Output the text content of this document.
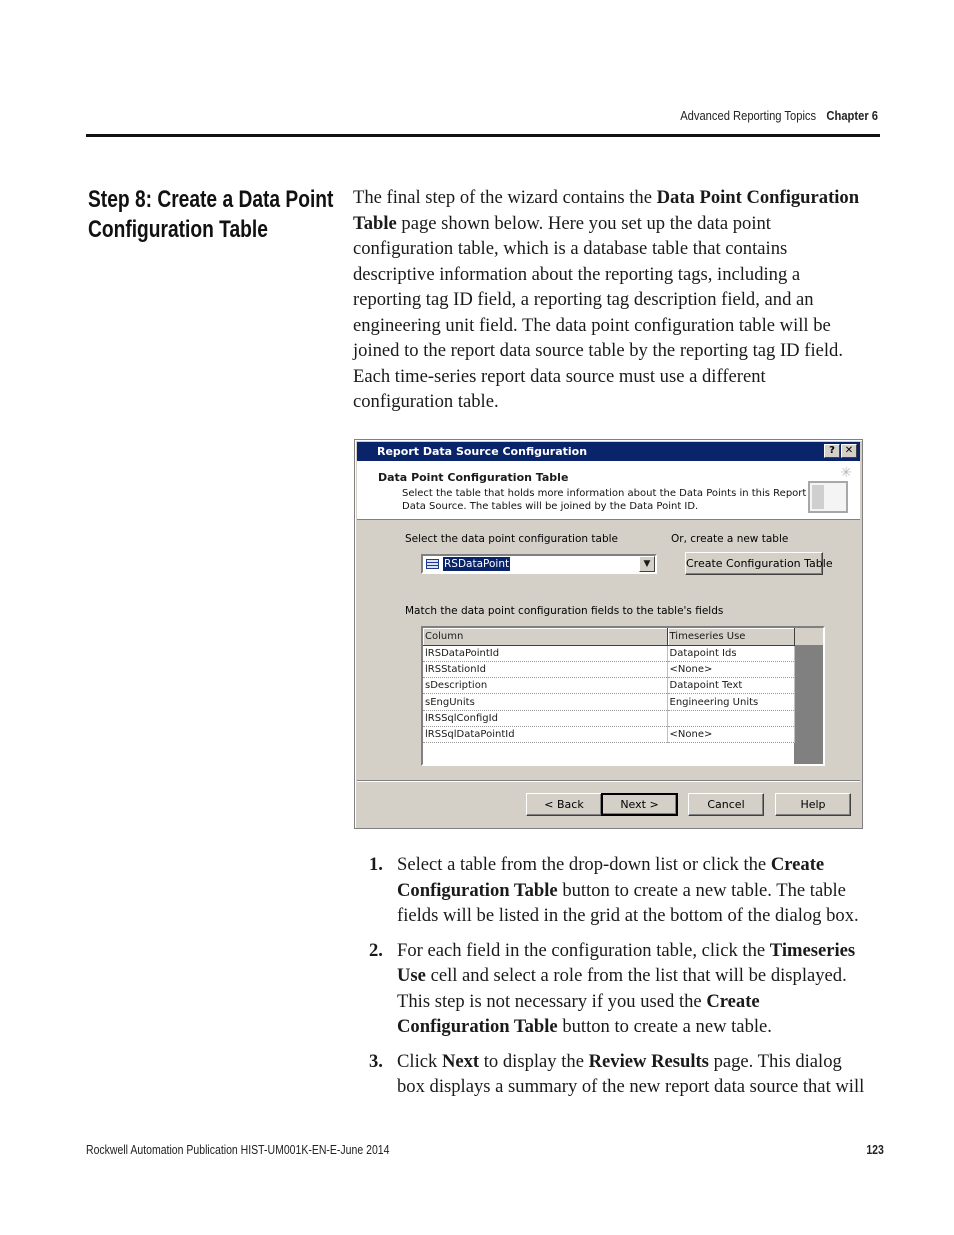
Advanced Reporting Topics Chapter 6
Step 8: Create a Data Point
Configuration Table
The final step of the wizard contains the Data Point Configuration
Table page shown below. Here you set up the data point
configuration table, which is a database table that contains
descriptive information about the reporting tags, including a
reporting tag ID field, a reporting tag description field, and an
engineering unit field. The data point configuration table will be
joined to the report data source table by the reporting tag ID field.
Each time-series report data source must use a different
configuration table.
Report Data Source Configuration	? ✕
Data Point Configuration Table
Select the table that holds more information about the Data Points in this Report
Data Source. The tables will be joined by the Data Point ID.
✳
Select the data point configuration table	Or, create a new table
RSDataPoint	▼	Create Configuration Table
Match the data point configuration fields to the table's fields
Column	Timeseries Use
lRSDataPointId	Datapoint Ids
lRSStationId	<None>
sDescription	Datapoint Text
sEngUnits	Engineering Units
lRSSqlConfigId	
lRSSqlDataPointId	<None>
< Back	Next >	Cancel	Help
1. Select a table from the drop-down list or click the Create
Configuration Table button to create a new table. The table
fields will be listed in the grid at the bottom of the dialog box.
2. For each field in the configuration table, click the Timeseries
Use cell and select a role from the list that will be displayed.
This step is not necessary if you used the Create
Configuration Table button to create a new table.
3. Click Next to display the Review Results page. This dialog
box displays a summary of the new report data source that will
Rockwell Automation Publication HIST-UM001K-EN-E-June 2014	123
